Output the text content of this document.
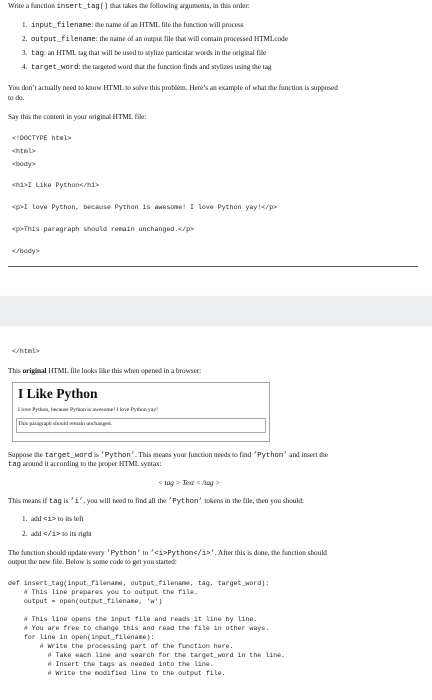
Write a function insert_tag() that takes the following arguments, in this order:
1. input_filename: the name of an HTML file the function will process
2. output_filename: the name of an output file that will contain processed HTMLcode
3. tag: an HTML tag that will be used to stylize particular words in the original file
4. target_word: the targeted word that the function finds and stylizes using the tag
You don’t actually need to know HTML to solve this problem. Here’s an example of what the function is supposed
to do.
Say this the content in your original HTML file:
<!DOCTYPE html>
<html>
<body>
<h1>I Like Python</h1>
<p>I love Python, because Python is awesome! I love Python yay!</p>
<p>This paragraph should remain unchanged.</p>
</body>
</html>
This original HTML file looks like this when opened in a browser:
I Like Python
I love Python, because Python is awesome! I love Python yay!
This paragraph should remain unchanged.
Suppose the target_word is ’Python’. This means your function needs to find ’Python’ and insert the
tag around it according to the proper HTML syntax:
< tag > Text < /tag >
This means if tag is ’i’, you will need to find all the ’Python’ tokens in the file, then you should:
1. add <i> to its left
2. add </i> to its right
The function should update every ’Python’ to ’<i>Python</i>’. After this is done, the function should
output the new file. Below is some code to get you started:
def insert_tag(input_filename, output_filename, tag, target_word):
# This line prepares you to output the file.
output = open(output_filename, 'w')
# This line opens the input file and reads it line by line.
# You are free to change this and read the file in other ways.
for line in open(input_filename):
# Write the processing part of the function here.
# Take each line and search for the target_word in the line.
# Insert the tags as needed into the line.
# Write the modified line to the output file.
